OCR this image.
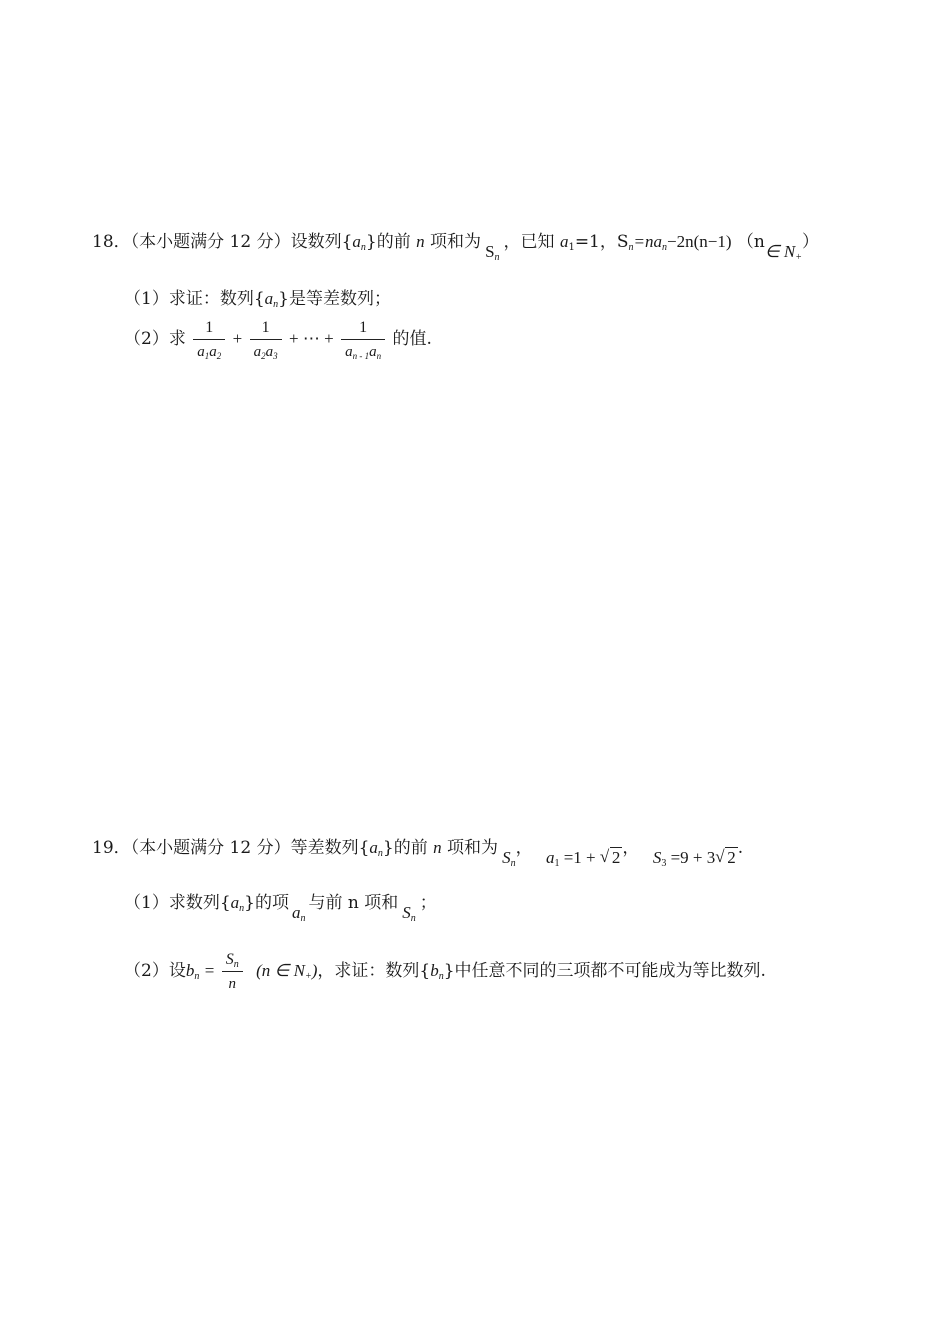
18．（本小题满分 12 分）设数列$\{a_n\}$的前 n 项和为 $S_n$，已知 $a_1=1$，$S_n=na_n-2n(n-1)$ （n∈ $N_+$）
（1）求证：数列$\{a_n\}$是等差数列；
（2）求 $\frac{1}{a_1a_2} + \frac{1}{a_2a_3}$ + ⋯ + $\frac{1}{a_{n - 1}a_n}$ 的值.
19．（本小题满分 12 分）等差数列$\{a_n\}$的前 n 项和为 $S_n$， $a_1 =1$ + √ 2 ， $S_3 =9 + 3√$ 2 .
（1）求数列$\{a_n\}$的项 $a_n$与前 n 项和 $S_n$；
（2）设$b_n = \frac{S_n}{n} (n$ ∈ $N_+$)，求证：数列$\{b_n\}$中任意不同的三项都不可能成为等比数列.
